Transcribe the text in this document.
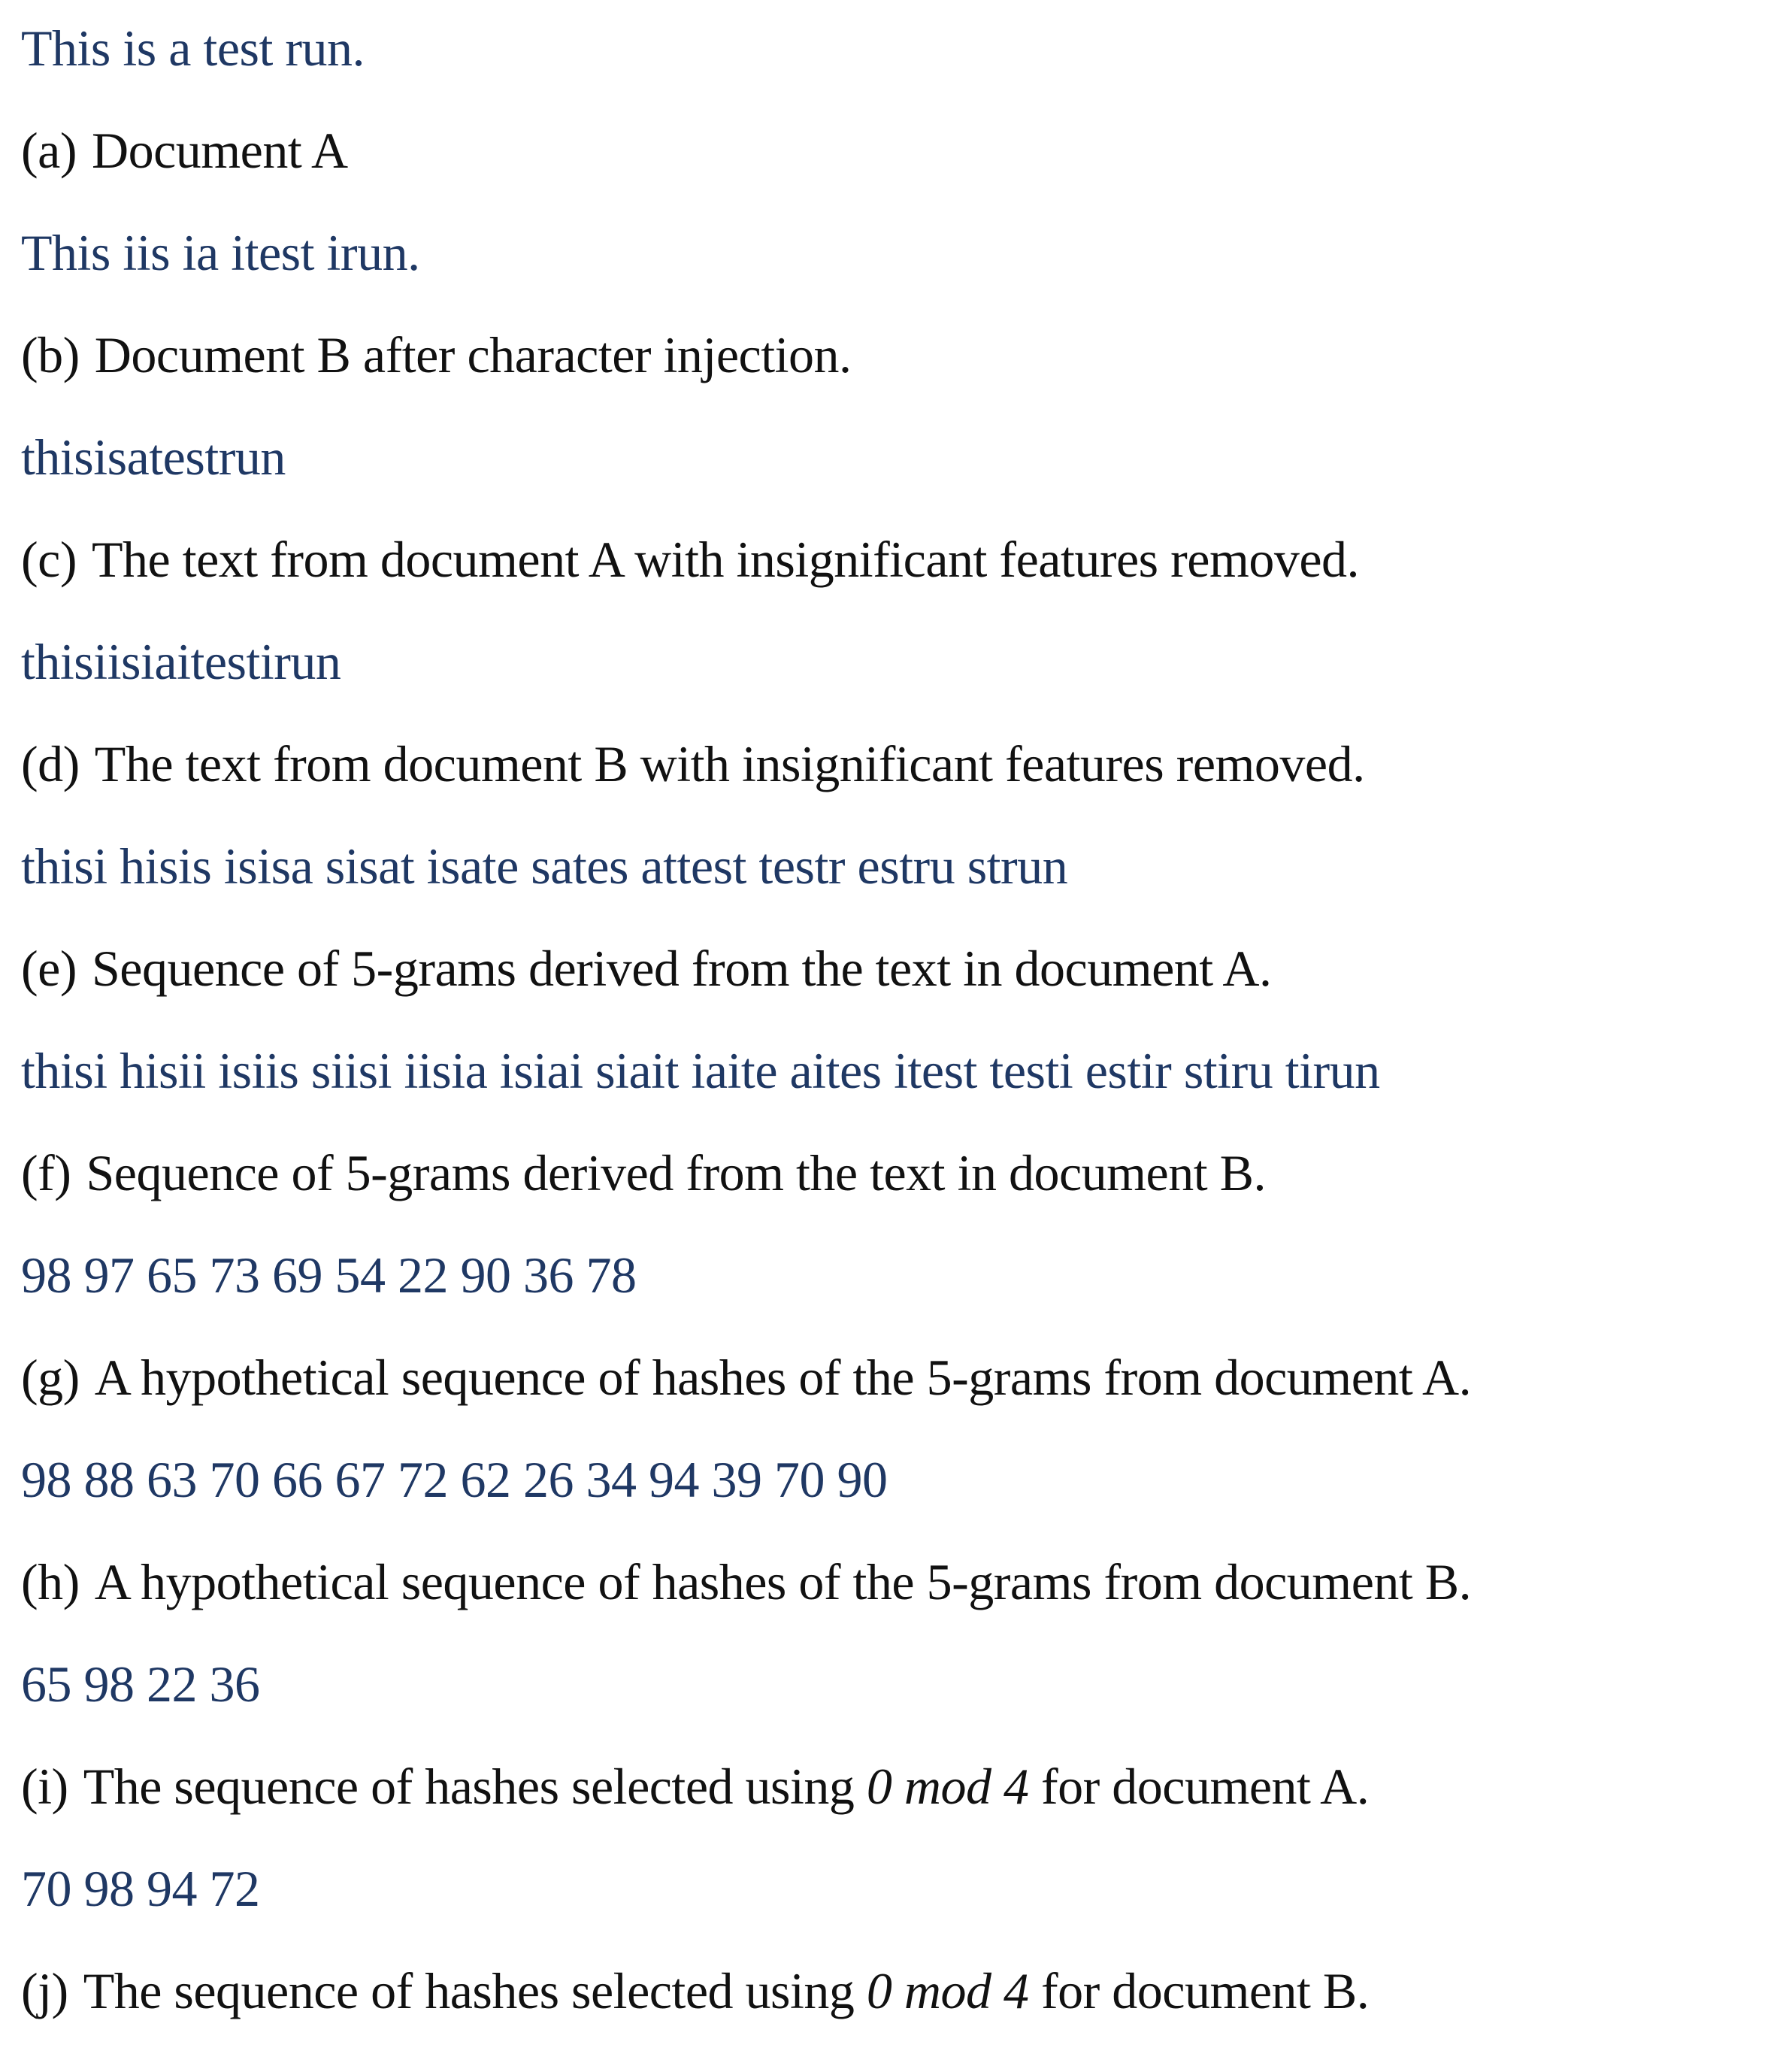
This is a test run.
(a) Document A
This iis ia itest irun.
(b) Document B after character injection.
thisisatestrun
(c) The text from document A with insignificant features removed.
thisiisiaitestirun
(d) The text from document B with insignificant features removed.
thisi hisis isisa sisat isate sates attest testr estru strun
(e) Sequence of 5-grams derived from the text in document A.
thisi hisii isiis siisi iisia isiai siait iaite aites itest testi estir stiru tirun
(f) Sequence of 5-grams derived from the text in document B.
98 97 65 73 69 54 22 90 36 78
(g) A hypothetical sequence of hashes of the 5-grams from document A.
98 88 63 70 66 67 72 62 26 34 94 39 70 90
(h) A hypothetical sequence of hashes of the 5-grams from document B.
65 98 22 36
(i) The sequence of hashes selected using 0 mod 4 for document A.
70 98 94 72
(j) The sequence of hashes selected using 0 mod 4 for document B.
